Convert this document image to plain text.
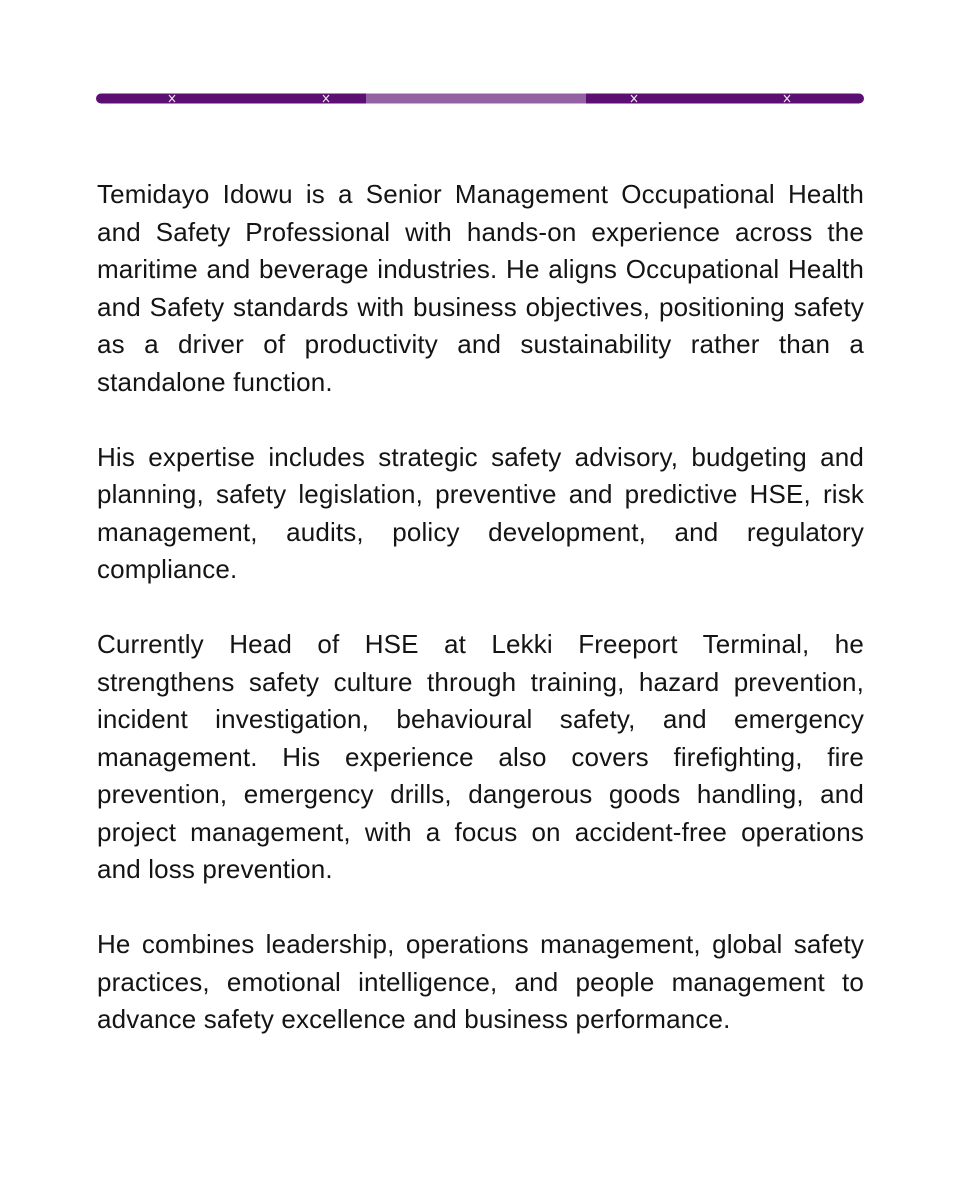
Temidayo Idowu is a Senior Management Occupational Health and Safety Professional with hands-on experience across the maritime and beverage industries. He aligns Occupational Health and Safety standards with business objectives, positioning safety as a driver of productivity and sustainability rather than a standalone function.

His expertise includes strategic safety advisory, budgeting and planning, safety legislation, preventive and predictive HSE, risk management, audits, policy development, and regulatory compliance.

Currently Head of HSE at Lekki Freeport Terminal, he strengthens safety culture through training, hazard prevention, incident investigation, behavioural safety, and emergency management. His experience also covers firefighting, fire prevention, emergency drills, dangerous goods handling, and project management, with a focus on accident-free operations and loss prevention.

He combines leadership, operations management, global safety practices, emotional intelligence, and people management to advance safety excellence and business performance.
